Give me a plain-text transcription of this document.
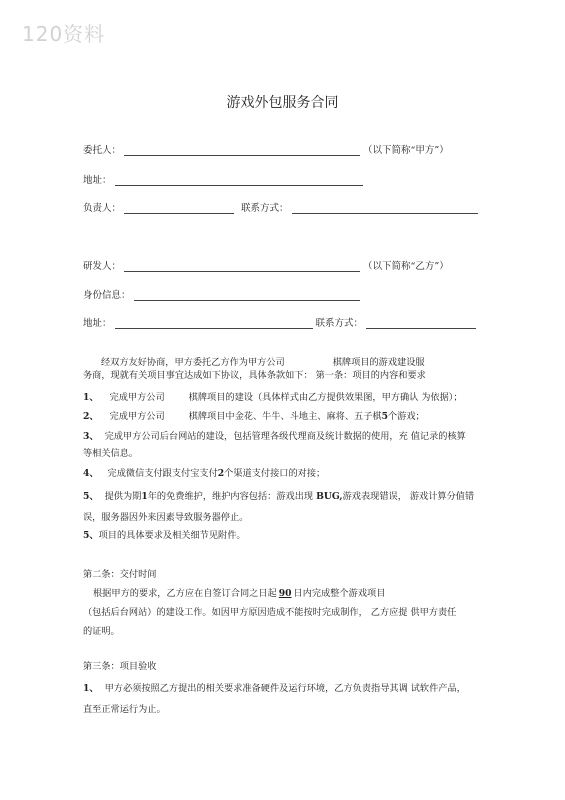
120资料
游戏外包服务合同
委托人：	（以下简称“甲方”）
地址：
负责人：	联系方式：
研发人：	（以下简称“乙方”）
身份信息：
地址：	联系方式：
经双方友好协商，甲方委托乙方作为甲方公司	棋牌项目的游戏建设服
务商，现就有关项目事宜达成如下协议，具体条款如下： 第一条：项目的内容和要求
1、 完成甲方公司	棋牌项目的建设（具体样式由乙方提供效果图，甲方确认 为依据）；
2、 完成甲方公司	棋牌项目中金花、牛牛、斗地主、麻将、五子棋5个游戏；
3、 完成甲方公司后台网站的建设，包括管理各级代理商及统计数据的使用，充 值记录的核算
等相关信息。
4、 完成微信支付跟支付宝支付2个渠道支付接口的对接；
5、 提供为期1年的免费维护，维护内容包括：游戏出现 BUG,游戏表现错误， 游戏计算分值错
误，服务器因外来因素导致服务器停止。
5、项目的具体要求及相关细节见附件。
第二条：交付时间
根据甲方的要求，乙方应在自签订合同之日起 90 日内完成整个游戏项目
（包括后台网站）的建设工作。如因甲方原因造成不能按时完成制作， 乙方应提 供甲方责任
的证明。
第三条：项目验收
1、 甲方必须按照乙方提出的相关要求准备硬件及运行环境，乙方负责指导其调 试软件产品，
直至正常运行为止。
